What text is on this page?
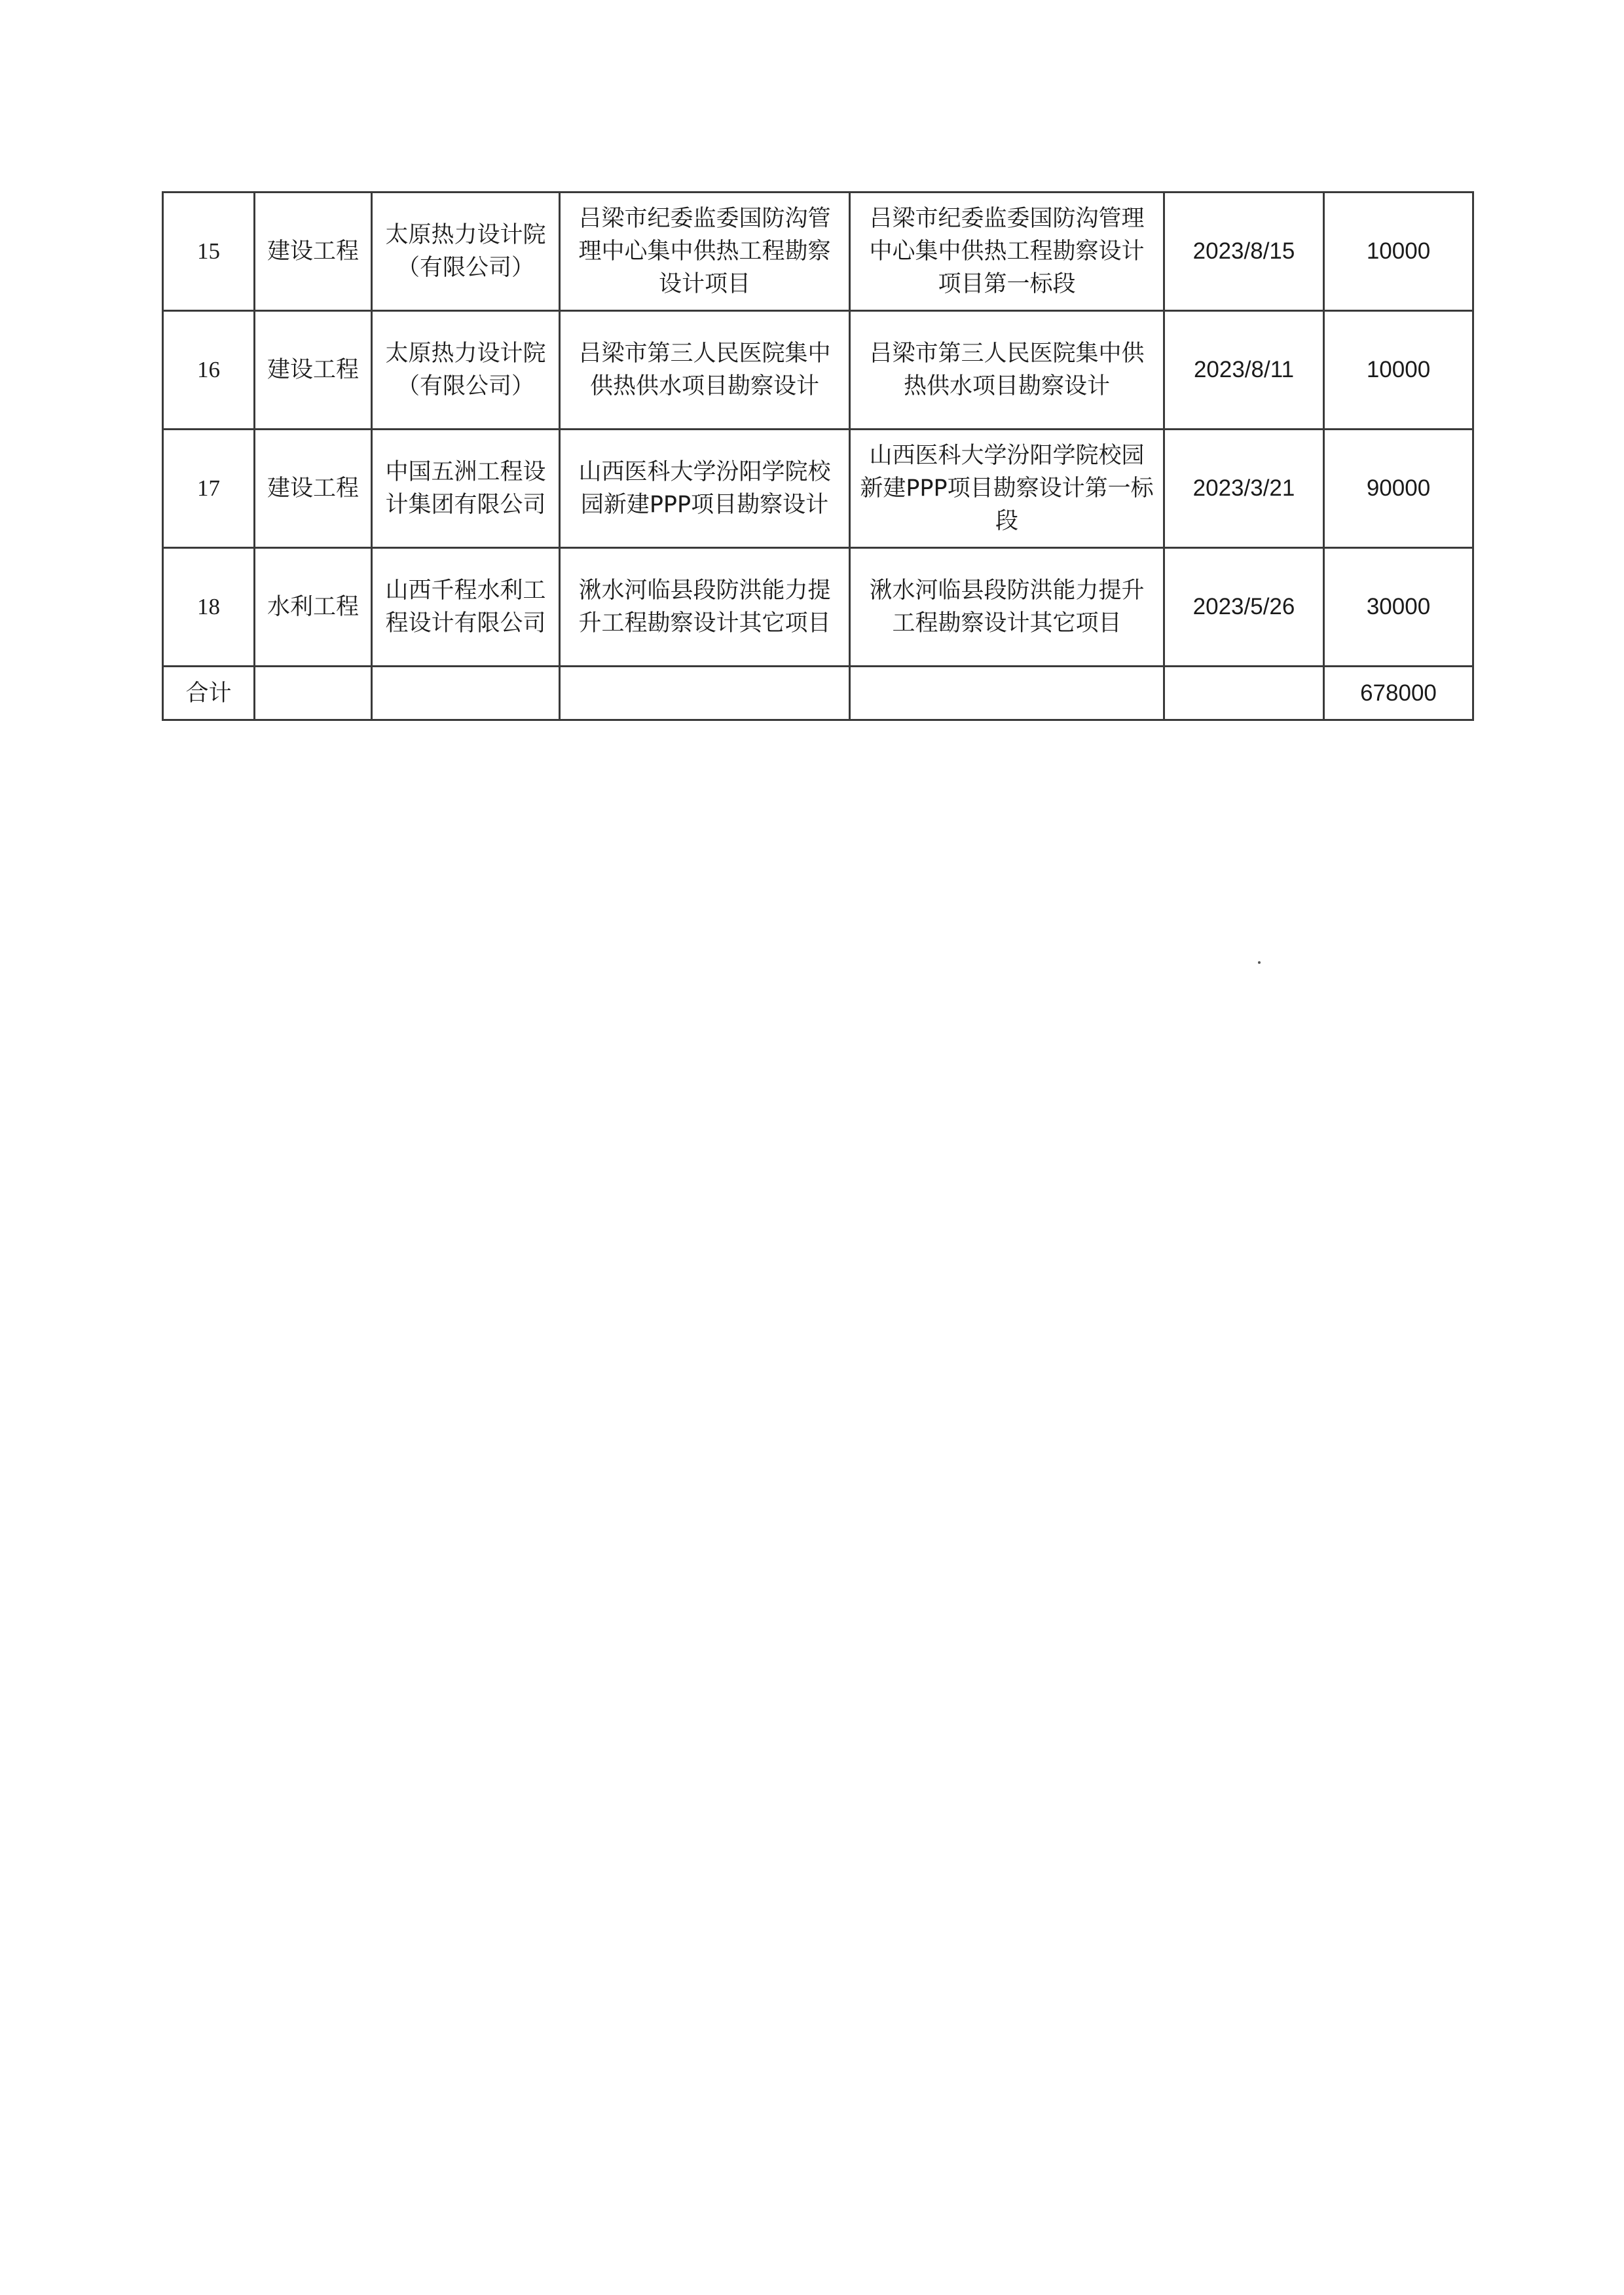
15	建设工程	太原热力设计院（有限公司）	吕梁市纪委监委国防沟管理中心集中供热工程勘察设计项目	吕梁市纪委监委国防沟管理中心集中供热工程勘察设计项目第一标段	2023/8/15	10000
16	建设工程	太原热力设计院（有限公司）	吕梁市第三人民医院集中供热供水项目勘察设计	吕梁市第三人民医院集中供热供水项目勘察设计	2023/8/11	10000
17	建设工程	中国五洲工程设计集团有限公司	山西医科大学汾阳学院校园新建PPP项目勘察设计	山西医科大学汾阳学院校园新建PPP项目勘察设计第一标段	2023/3/21	90000
18	水利工程	山西千程水利工程设计有限公司	湫水河临县段防洪能力提升工程勘察设计其它项目	湫水河临县段防洪能力提升工程勘察设计其它项目	2023/5/26	30000
合计						678000
